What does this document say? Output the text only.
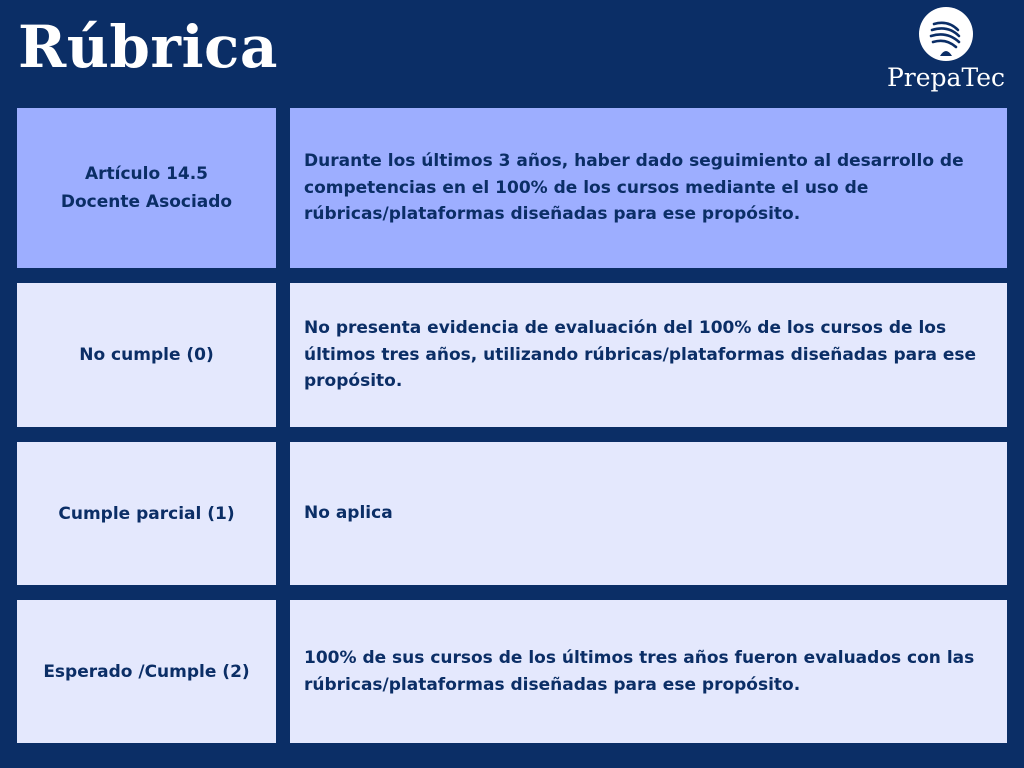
Rúbrica	PrepaTec
Artículo 14.5
Docente Asociado
Durante los últimos 3 años, haber dado seguimiento al desarrollo de competencias en el 100% de los cursos mediante el uso de rúbricas/plataformas diseñadas para ese propósito.
No cumple (0)
No presenta evidencia de evaluación del 100% de los cursos de los últimos tres años, utilizando rúbricas/plataformas diseñadas para ese propósito.
Cumple parcial (1)	No aplica
Esperado /Cumple (2)
100% de sus cursos de los últimos tres años fueron evaluados con las rúbricas/plataformas diseñadas para ese propósito.
